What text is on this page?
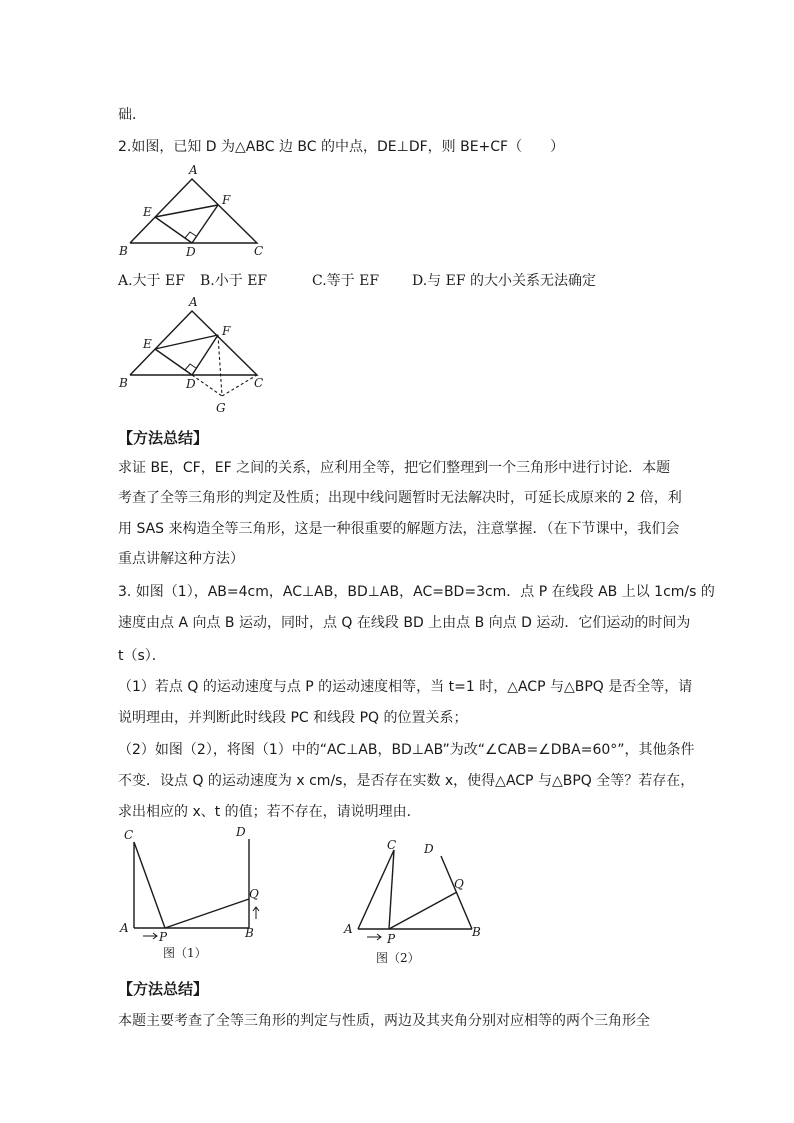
础．
2.如图，已知 D 为△ABC 边 BC 的中点，DE⊥DF，则 BE+CF（　　）
A
E
F
B	D	C
A.大于 EF B.小于 EF	C.等于 EF D.与 EF 的大小关系无法确定
A
E
F
B	D	C
G
【方法总结】
求证 BE，CF，EF 之间的关系，应利用全等，把它们整理到一个三角形中进行讨论．本题
考查了全等三角形的判定及性质；出现中线问题暂时无法解决时，可延长成原来的 2 倍，利
用 SAS 来构造全等三角形，这是一种很重要的解题方法，注意掌握．（在下节课中，我们会
重点讲解这种方法）
3. 如图（1），AB=4cm，AC⊥AB，BD⊥AB，AC=BD=3cm．点 P 在线段 AB 上以 1cm/s 的
速度由点 A 向点 B 运动，同时，点 Q 在线段 BD 上由点 B 向点 D 运动．它们运动的时间为
t（s）．
（1）若点 Q 的运动速度与点 P 的运动速度相等，当 t=1 时，△ACP 与△BPQ 是否全等，请
说明理由，并判断此时线段 PC 和线段 PQ 的位置关系；
（2）如图（2），将图（1）中的“AC⊥AB，BD⊥AB”为改“∠CAB=∠DBA=60°”，其他条件
不变．设点 Q 的运动速度为 x cm/s，是否存在实数 x，使得△ACP 与△BPQ 全等？若存在，
求出相应的 x、t 的值；若不存在，请说明理由．
C	D
Q
A
P	B
图（1）
C D
Q
A
P	B
图（2）
【方法总结】
本题主要考查了全等三角形的判定与性质，两边及其夹角分别对应相等的两个三角形全
